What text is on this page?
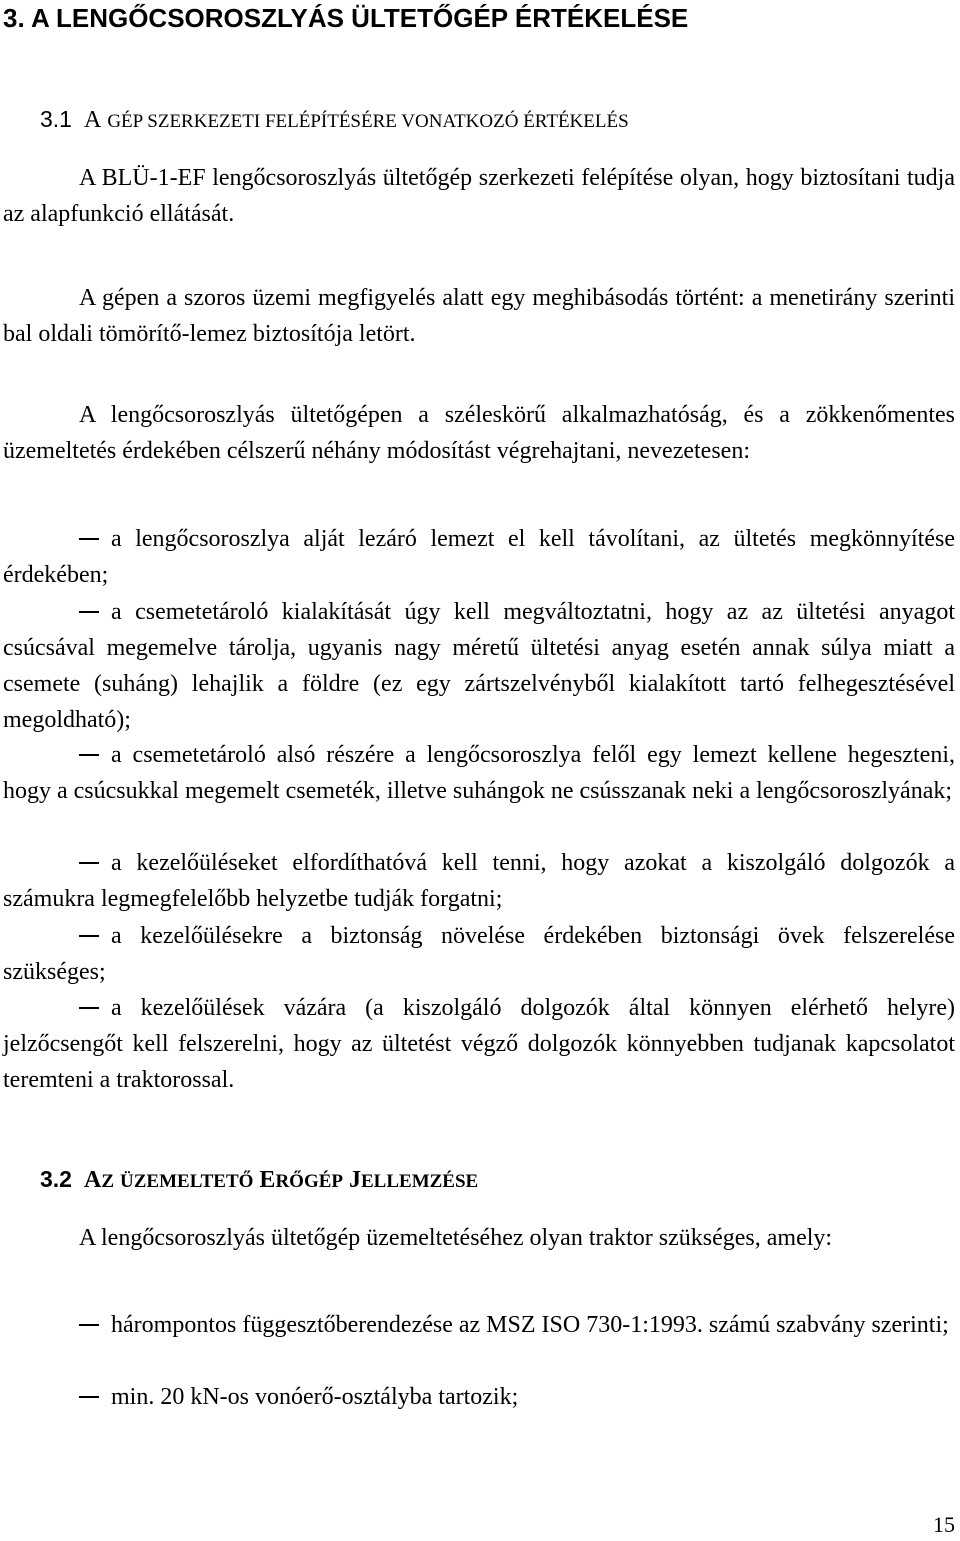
3. A LENGŐCSOROSZLYÁS ÜLTETŐGÉP ÉRTÉKELÉSE
3.1 A GÉP SZERKEZETI FELÉPÍTÉSÉRE VONATKOZÓ ÉRTÉKELÉS

A BLÜ-1-EF lengőcsoroszlyás ültetőgép szerkezeti felépítése olyan, hogy biztosítani tudja az alapfunkció ellátását.

A gépen a szoros üzemi megfigyelés alatt egy meghibásodás történt: a menetirány szerinti bal oldali tömörítő-lemez biztosítója letört.

A lengőcsoroszlyás ültetőgépen a széleskörű alkalmazhatóság, és a zökkenőmentes üzemeltetés érdekében célszerű néhány módosítást végrehajtani, nevezetesen:

a lengőcsoroszlya alját lezáró lemezt el kell távolítani, az ültetés megkönnyítése érdekében;

a csemetetároló kialakítását úgy kell megváltoztatni, hogy az az ültetési anyagot csúcsával megemelve tárolja, ugyanis nagy méretű ültetési anyag esetén annak súlya miatt a csemete (suháng) lehajlik a földre (ez egy zártszelvényből kialakított tartó felhegesztésével megoldható);

a csemetetároló alsó részére a lengőcsoroszlya felől egy lemezt kellene hegeszteni, hogy a csúcsukkal megemelt csemeték, illetve suhángok ne csússzanak neki a lengőcsoroszlyának;

a kezelőüléseket elfordíthatóvá kell tenni, hogy azokat a kiszolgáló dolgozók a számukra legmegfelelőbb helyzetbe tudják forgatni;

a kezelőülésekre a biztonság növelése érdekében biztonsági övek felszerelése szükséges;

a kezelőülések vázára (a kiszolgáló dolgozók által könnyen elérhető helyre) jelzőcsengőt kell felszerelni, hogy az ültetést végző dolgozók könnyebben tudjanak kapcsolatot teremteni a traktorossal.

3.2 AZ ÜZEMELTETŐ ERŐGÉP JELLEMZÉSE

A lengőcsoroszlyás ültetőgép üzemeltetéséhez olyan traktor szükséges, amely:

hárompontos függesztőberendezése az MSZ ISO 730-1:1993. számú szabvány szerinti;

min. 20 kN-os vonóerő-osztályba tartozik;

15
